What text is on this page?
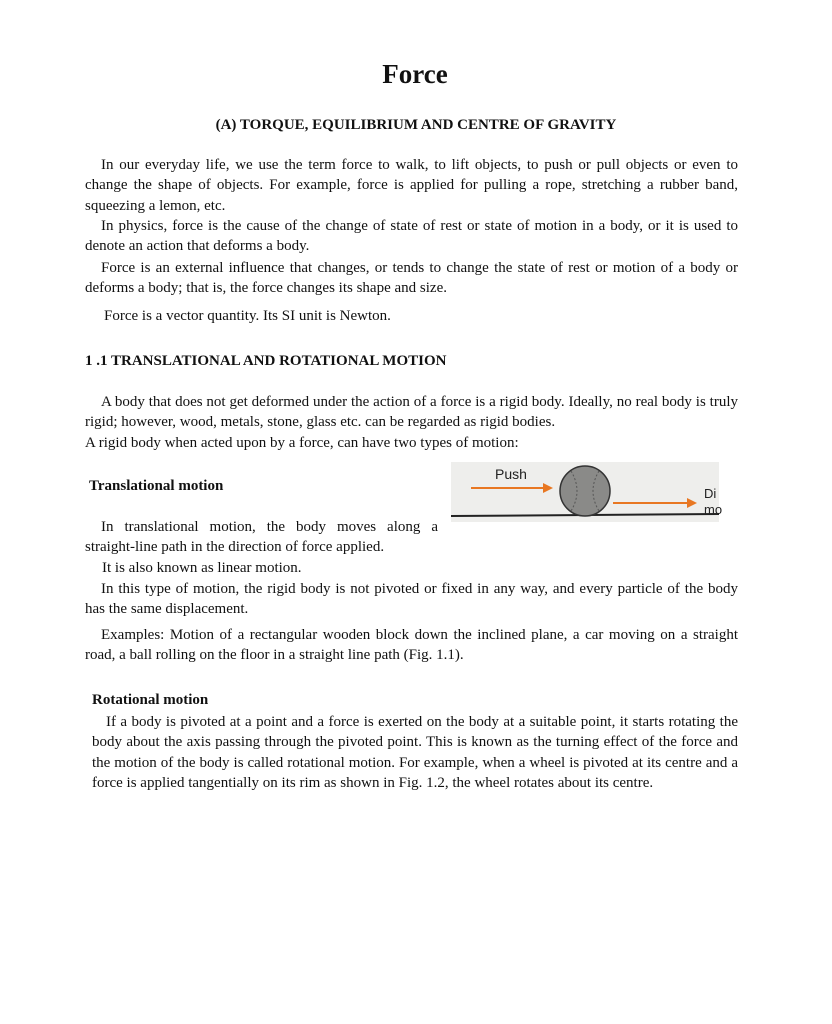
Force
(A) TORQUE, EQUILIBRIUM AND CENTRE OF GRAVITY

In our everyday life, we use the term force to walk, to lift objects, to push or pull objects or even to change the shape of objects. For example, force is applied for pulling a rope, stretching a rubber band, squeezing a lemon, etc.

In physics, force is the cause of the change of state of rest or state of motion in a body, or it is used to denote an action that deforms a body.

Force is an external influence that changes, or tends to change the state of rest or motion of a body or deforms a body; that is, the force changes its shape and size.

Force is a vector quantity. Its SI unit is Newton.

1 .1 TRANSLATIONAL AND ROTATIONAL MOTION

A body that does not get deformed under the action of a force is a rigid body. Ideally, no real body is truly rigid; however, wood, metals, stone, glass etc. can be regarded as rigid bodies.

A rigid body when acted upon by a force, can have two types of motion:

Translational motion
Push
Di
mo

In translational motion, the body moves along a straight-line path in the direction of force applied.

It is also known as linear motion.

In this type of motion, the rigid body is not pivoted or fixed in any way, and every particle of the body has the same displacement.

Examples: Motion of a rectangular wooden block down the inclined plane, a car moving on a straight road, a ball rolling on the floor in a straight line path (Fig. 1.1).

Rotational motion

If a body is pivoted at a point and a force is exerted on the body at a suitable point, it starts rotating the body about the axis passing through the pivoted point. This is known as the turning effect of the force and the motion of the body is called rotational motion. For example, when a wheel is pivoted at its centre and a force is applied tangentially on its rim as shown in Fig. 1.2, the wheel rotates about its centre.
